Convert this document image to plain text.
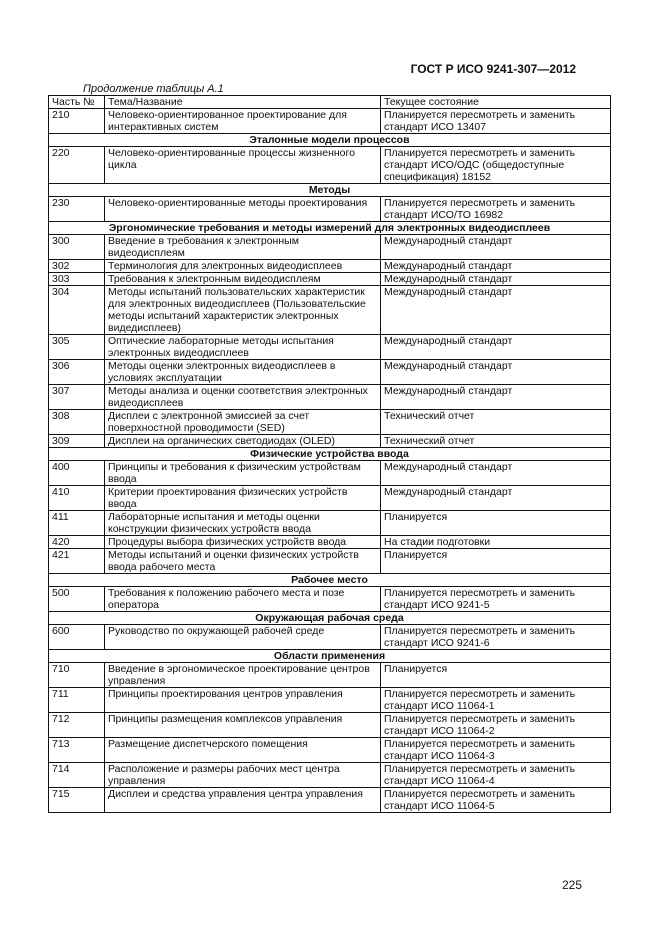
ГОСТ Р ИСО 9241-307—2012
Продолжение таблицы А.1
Часть №	Тема/Название	Текущее состояние
210	Человеко-ориентированное проектирование для интерактивных систем	Планируется пересмотреть и заменить стандарт ИСО 13407
Эталонные модели процессов		
220	Человеко-ориентированные процессы жизненного цикла	Планируется пересмотреть и заменить стандарт ИСО/ОДС (общедоступные спецификация) 18152
Методы		
230	Человеко-ориентированные методы проектирования	Планируется пересмотреть и заменить стандарт ИСО/ТО 16982
Эргономические требования и методы измерений для электронных видеодисплеев		
300	Введение в требования к электронным видеодисплеям	Международный стандарт
302	Терминология для электронных видеодисплеев	Международный стандарт
303	Требования к электронным видеодисплеям	Международный стандарт
304	Методы испытаний пользовательских характеристик для электронных видеодисплеев (Пользовательские методы испытаний характеристик электронных видедисплеев)	Международный стандарт
305	Оптические лабораторные методы испытания электронных видеодисплеев	Международный стандарт
306	Методы оценки электронных видеодисплеев в условиях эксплуатации	Международный стандарт
307	Методы анализа и оценки соответствия электронных видеодисплеев	Международный стандарт
308	Дисплеи с электронной эмиссией за счет поверхностной проводимости (SED)	Технический отчет
309	Дисплеи на органических светодиодах (OLED)	Технический отчет
Физические устройства ввода		
400	Принципы и требования к физическим устройствам ввода	Международный стандарт
410	Критерии проектирования физических устройств ввода	Международный стандарт
411	Лабораторные испытания и методы оценки конструкции физических устройств ввода	Планируется
420	Процедуры выбора физических устройств ввода	На стадии подготовки
421	Методы испытаний и оценки физических устройств ввода рабочего места	Планируется
Рабочее место		
500	Требования к положению рабочего места и позе оператора	Планируется пересмотреть и заменить стандарт ИСО 9241-5
Окружающая рабочая среда		
600	Руководство по окружающей рабочей среде	Планируется пересмотреть и заменить стандарт ИСО 9241-6
Области применения		
710	Введение в эргономическое проектирование центров управления	Планируется
711	Принципы проектирования центров управления	Планируется пересмотреть и заменить стандарт ИСО 11064-1
712	Принципы размещения комплексов управления	Планируется пересмотреть и заменить стандарт ИСО 11064-2
713	Размещение диспетчерского помещения	Планируется пересмотреть и заменить стандарт ИСО 11064-3
714	Расположение и размеры рабочих мест центра управления	Планируется пересмотреть и заменить стандарт ИСО 11064-4
715	Дисплеи и средства управления центра управления	Планируется пересмотреть и заменить стандарт ИСО 11064-5
225
